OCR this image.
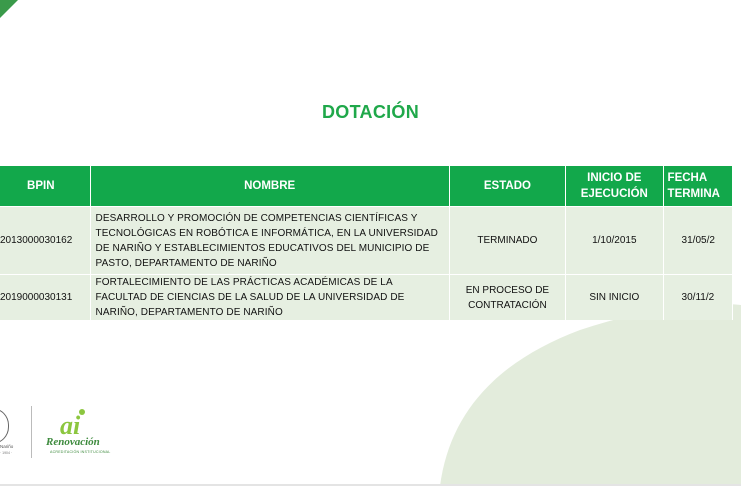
DOTACIÓN
BPIN	NOMBRE	ESTADO	INICIO DE EJECUCIÓN	FECHA TERMINA
2013000030162	DESARROLLO Y PROMOCIÓN DE COMPETENCIAS CIENTÍFICAS Y TECNOLÓGICAS EN ROBÓTICA E INFORMÁTICA, EN LA UNIVERSIDAD DE NARIÑO Y ESTABLECIMIENTOS EDUCATIVOS DEL MUNICIPIO DE PASTO, DEPARTAMENTO DE NARIÑO	TERMINADO	1/10/2015	31/05/2
2019000030131	FORTALECIMIENTO DE LAS PRÁCTICAS ACADÉMICAS DE LA FACULTAD DE CIENCIAS DE LA SALUD DE LA UNIVERSIDAD DE NARIÑO, DEPARTAMENTO DE NARIÑO	EN PROCESO DE CONTRATACIÓN	SIN INICIO	30/11/2
Nariño
· 1904 ·
ai
Renovación
ACREDITACIÓN INSTITUCIONAL
